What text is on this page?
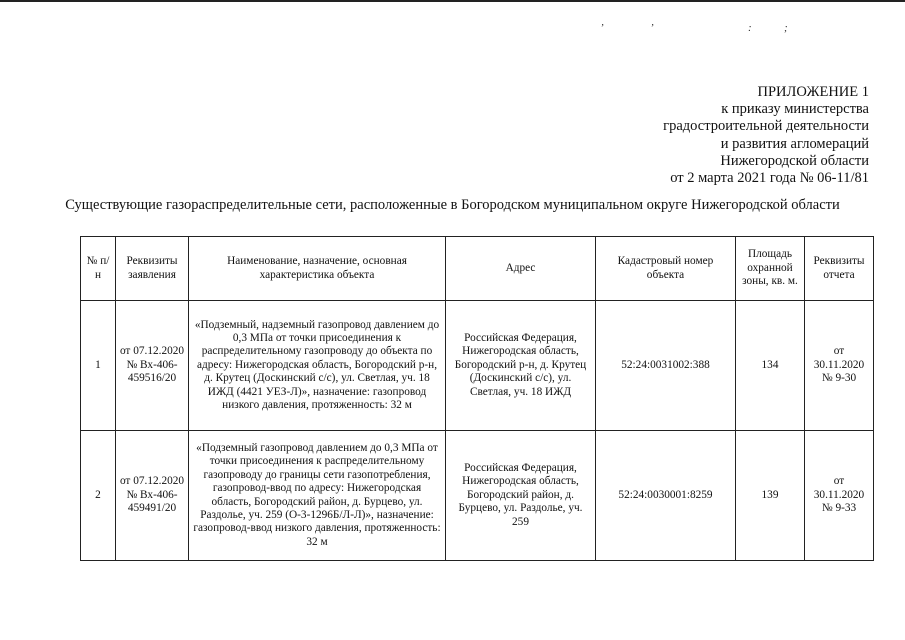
ʼ	ʼ	:	;
ПРИЛОЖЕНИЕ 1
к приказу министерства
градостроительной деятельности
и развития агломераций
Нижегородской области
от 2 марта 2021 года № 06-11/81
Существующие газораспределительные сети, расположенные в Богородском муниципальном округе Нижегородской области
№ п/н	Реквизиты заявления	Наименование, назначение, основная характеристика объекта	Адрес	Кадастровый номер объекта	Площадь охранной зоны, кв. м.	Реквизиты отчета
1	от 07.12.2020 № Вх-406-459516/20	«Подземный, надземный газопровод давлением до 0,3 МПа от точки присоединения к распределительному газопроводу до объекта по адресу: Нижегородская область, Богородский р-н, д. Крутец (Доскинский с/с), ул. Светлая, уч. 18 ИЖД (4421 УЕЗ-Л)», назначение: газопровод низкого давления, протяженность: 32 м	Российская Федерация, Нижегородская область, Богородский р-н, д. Крутец (Доскинский с/с), ул. Светлая, уч. 18 ИЖД	52:24:0031002:388	134	от 30.11.2020 № 9-30
2	от 07.12.2020 № Вх-406-459491/20	«Подземный газопровод давлением до 0,3 МПа от точки присоединения к распределительному газопроводу до границы сети газопотребления, газопровод-ввод по адресу: Нижегородская область, Богородский район, д. Бурцево, ул. Раздолье, уч. 259 (О-3-1296Б/Л-Л)», назначение: газопровод-ввод низкого давления, протяженность: 32 м	Российская Федерация, Нижегородская область, Богородский район, д. Бурцево, ул. Раздолье, уч. 259	52:24:0030001:8259	139	от 30.11.2020 № 9-33
